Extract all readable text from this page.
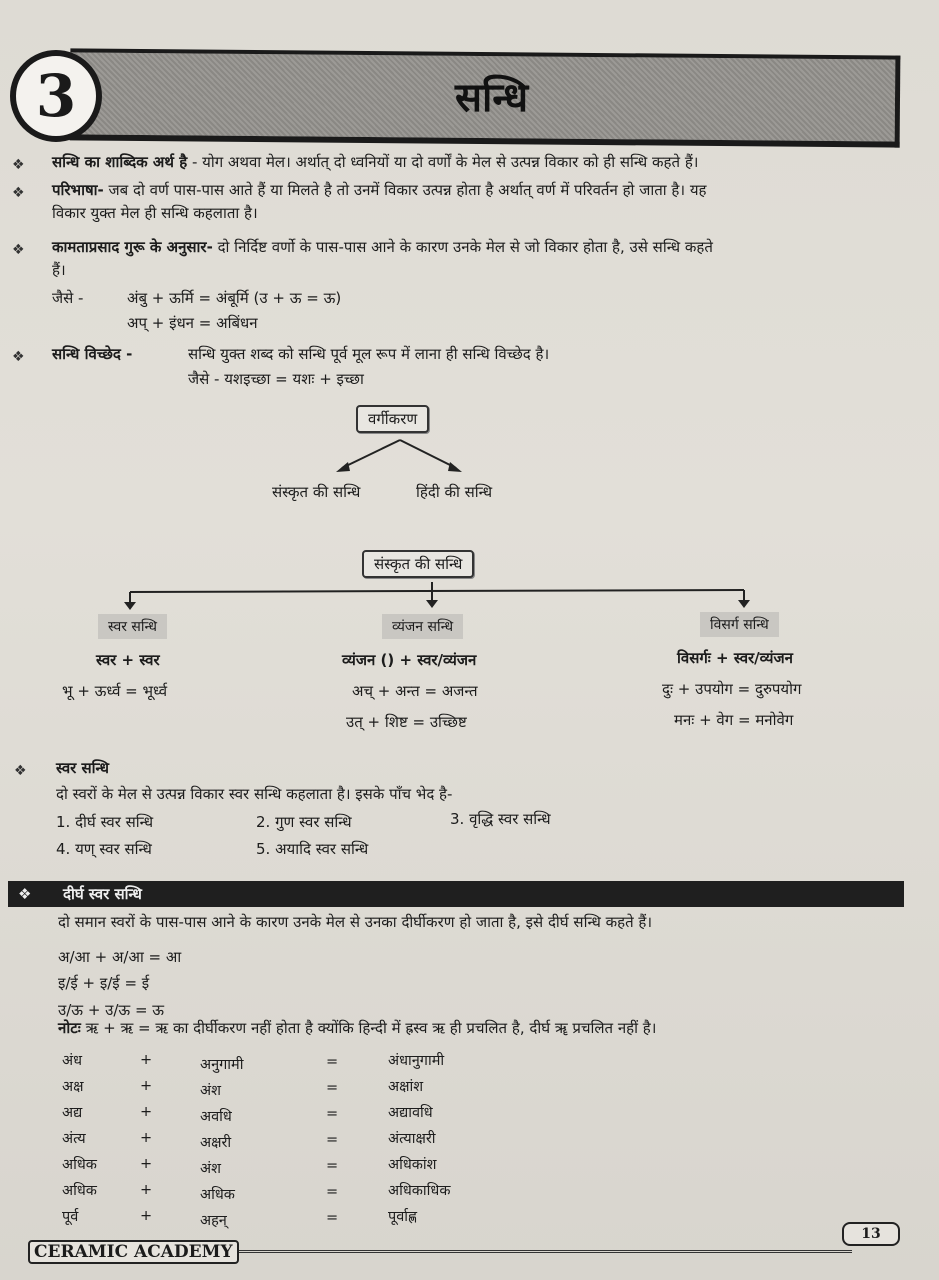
3	सन्धि
❖ सन्धि का शाब्दिक अर्थ है - योग अथवा मेल। अर्थात् दो ध्वनियों या दो वर्णों के मेल से उत्पन्न विकार को ही सन्धि कहते हैं।
❖ परिभाषा- जब दो वर्ण पास-पास आते हैं या मिलते है तो उनमें विकार उत्पन्न होता है अर्थात् वर्ण में परिवर्तन हो जाता है। यह
विकार युक्त मेल ही सन्धि कहलाता है।
❖ कामताप्रसाद गुरू के अनुसार- दो निर्दिष्ट वर्णो के पास-पास आने के कारण उनके मेल से जो विकार होता है, उसे सन्धि कहते
हैं।
जैसे -	अंबु + ऊर्मि = अंबूर्मि (उ + ऊ = ऊ)
अप् + इंधन = अबिंधन
❖ सन्धि विच्छेद -	सन्धि युक्त शब्द को सन्धि पूर्व मूल रूप में लाना ही सन्धि विच्छेद है।
जैसे - यशइच्छा = यशः + इच्छा
वर्गीकरण
संस्कृत की सन्धि	हिंदी की सन्धि
संस्कृत की सन्धि
स्वर सन्धि
स्वर + स्वर
भू + ऊर्ध्व = भूर्ध्व
व्यंजन सन्धि
व्यंजन () + स्वर/व्यंजन
अच् + अन्त = अजन्त
उत् + शिष्ट = उच्छिष्ट
विसर्ग सन्धि
विसर्गः + स्वर/व्यंजन
दुः + उपयोग = दुरुपयोग
मनः + वेग = मनोवेग
❖ स्वर सन्धि
दो स्वरों के मेल से उत्पन्न विकार स्वर सन्धि कहलाता है। इसके पाँच भेद है-
1. दीर्घ स्वर सन्धि	2. गुण स्वर सन्धि	3. वृद्धि स्वर सन्धि
4. यण् स्वर सन्धि	5. अयादि स्वर सन्धि
❖ दीर्घ स्वर सन्धि
दो समान स्वरों के पास-पास आने के कारण उनके मेल से उनका दीर्घीकरण हो जाता है, इसे दीर्घ सन्धि कहते हैं।
अ/आ + अ/आ = आ
इ/ई + इ/ई = ई
उ/ऊ + उ/ऊ = ऊ
नोटः ऋ + ऋ = ऋ का दीर्घीकरण नहीं होता है क्योंकि हिन्दी में ह्रस्व ऋ ही प्रचलित है, दीर्घ ॠ प्रचलित नहीं है।
अंध	+	अनुगामी	=	अंधानुगामी
अक्ष	+	अंश	=	अक्षांश
अद्य	+	अवधि	=	अद्यावधि
अंत्य	+	अक्षरी	=	अंत्याक्षरी
अधिक	+	अंश	=	अधिकांश
अधिक	+	अधिक	=	अधिकाधिक
पूर्व	+	अहन्	=	पूर्वाह्ण
13
CERAMIC ACADEMY
